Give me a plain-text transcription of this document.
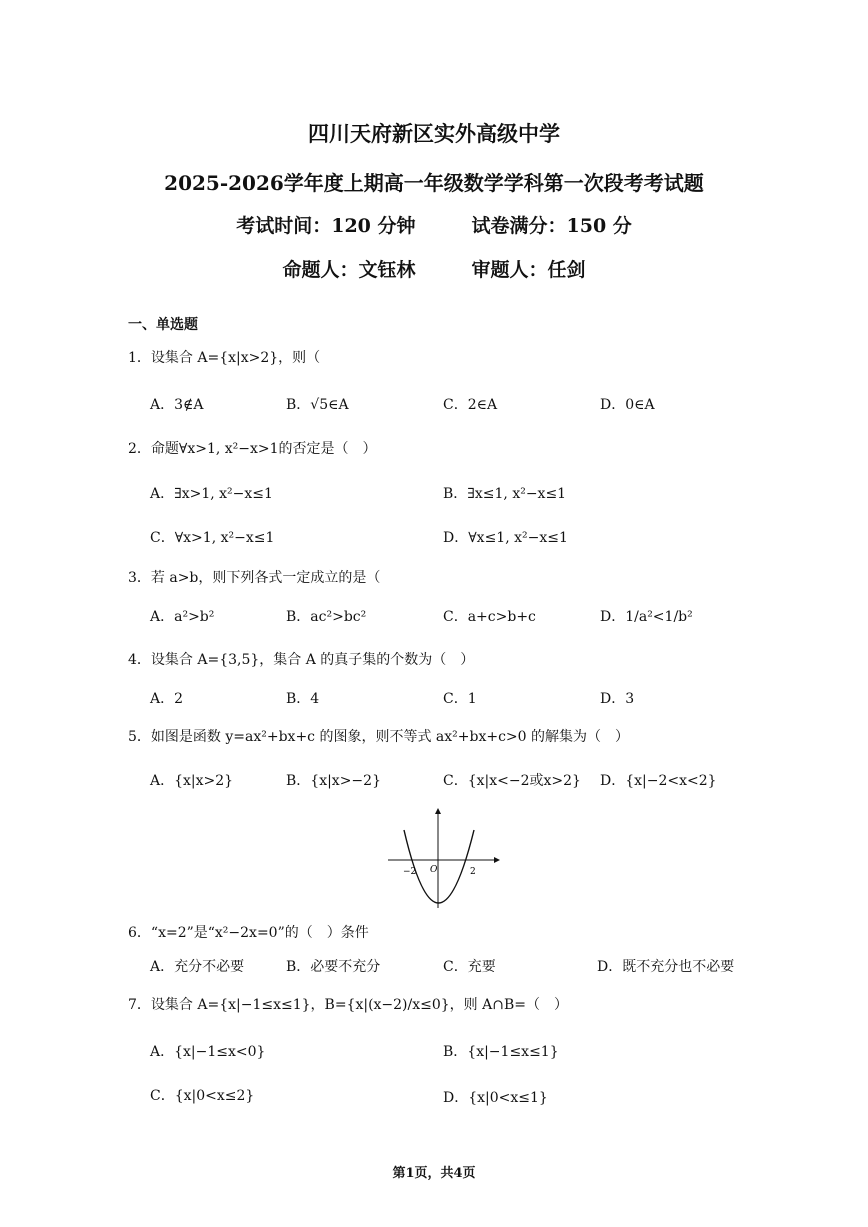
四川天府新区实外高级中学
2025-2026学年度上期高一年级数学学科第一次段考考试题
考试时间：120 分钟	试卷满分：150 分
命题人：文钰林	审题人：任剑
一、单选题
1．设集合 A={x|x>2}，则（
A．3∉A	B．√5∈A	C．2∈A	D．0∈A
2．命题∀x>1, x²−x>1的否定是（　）
A．∃x>1, x²−x≤1	B．∃x≤1, x²−x≤1
C．∀x>1, x²−x≤1	D．∀x≤1, x²−x≤1
3．若 a>b，则下列各式一定成立的是（
A．a²>b²	B．ac²>bc²	C．a+c>b+c	D．1/a²<1/b²
4．设集合 A={3,5}，集合 A 的真子集的个数为（　）
A．2	B．4	C．1	D．3
5．如图是函数 y=ax²+bx+c 的图象，则不等式 ax²+bx+c>0 的解集为（　）
A．{x|x>2}	B．{x|x>−2}	C．{x|x<−2或x>2} D．{x|−2<x<2}
−2 O	2
6．“x=2”是“x²−2x=0”的（　）条件
A．充分不必要	B．必要不充分	C．充要	D．既不充分也不必要
7．设集合 A={x|−1≤x≤1}，B={x|(x−2)/x≤0}，则 A∩B=（　）
A．{x|−1≤x<0}	B．{x|−1≤x≤1}
C．{x|0<x≤2}	D．{x|0<x≤1}
第1页，共4页
